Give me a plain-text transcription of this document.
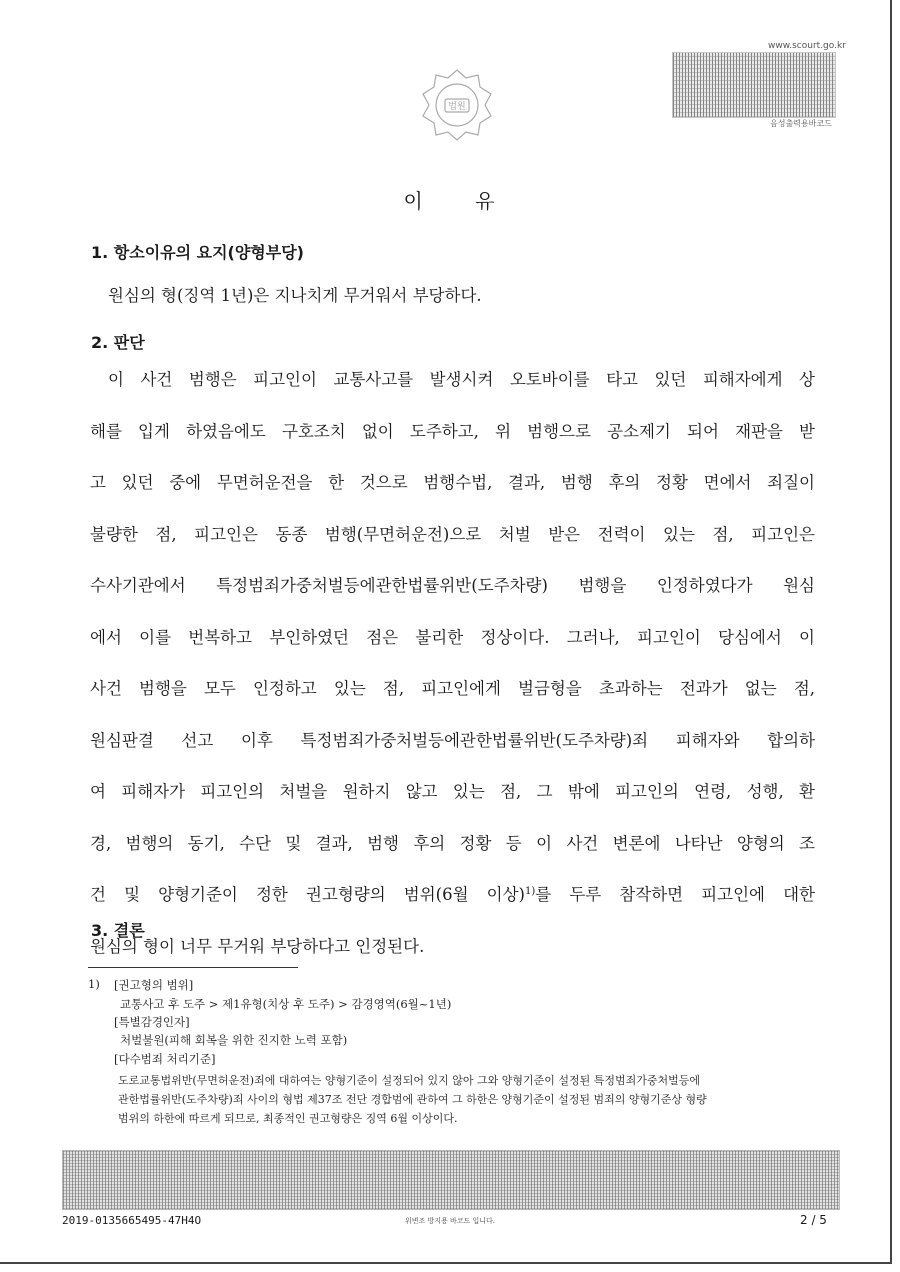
www.scourt.go.kr
음성출력용바코드
법원
이 유
1. 항소이유의 요지(양형부당)
원심의 형(징역 1년)은 지나치게 무거워서 부당하다.
2. 판단
이 사건 범행은 피고인이 교통사고를 발생시켜 오토바이를 타고 있던 피해자에게 상
해를 입게 하였음에도 구호조치 없이 도주하고, 위 범행으로 공소제기 되어 재판을 받
고 있던 중에 무면허운전을 한 것으로 범행수법, 결과, 범행 후의 정황 면에서 죄질이
불량한 점, 피고인은 동종 범행(무면허운전)으로 처벌 받은 전력이 있는 점, 피고인은
수사기관에서 특정범죄가중처벌등에관한법률위반(도주차량) 범행을 인정하였다가 원심
에서 이를 번복하고 부인하였던 점은 불리한 정상이다. 그러나, 피고인이 당심에서 이
사건 범행을 모두 인정하고 있는 점, 피고인에게 벌금형을 초과하는 전과가 없는 점,
원심판결 선고 이후 특정범죄가중처벌등에관한법률위반(도주차량)죄 피해자와 합의하
여 피해자가 피고인의 처벌을 원하지 않고 있는 점, 그 밖에 피고인의 연령, 성행, 환
경, 범행의 동기, 수단 및 결과, 범행 후의 정황 등 이 사건 변론에 나타난 양형의 조
건 및 양형기준이 정한 권고형량의 범위(6월 이상)$^{1)}$를 두루 참작하면 피고인에 대한
원심의 형이 너무 무거워 부당하다고 인정된다.
3. 결론
1) [권고형의 범위]
교통사고 후 도주 > 제1유형(치상 후 도주) > 감경영역(6월~1년)
[특별감경인자]
처벌불원(피해 회복을 위한 진지한 노력 포함)
[다수범죄 처리기준]
도로교통법위반(무면허운전)죄에 대하여는 양형기준이 설정되어 있지 않아 그와 양형기준이 설정된 특정범죄가중처벌등에
관한법률위반(도주차량)죄 사이의 형법 제37조 전단 경합범에 관하여 그 하한은 양형기준이 설정된 범죄의 양형기준상 형량
범위의 하한에 따르게 되므로, 최종적인 권고형량은 징역 6월 이상이다.
2019-0135665495-47H4O	위변조 방지용 바코드 입니다.	2 / 5
